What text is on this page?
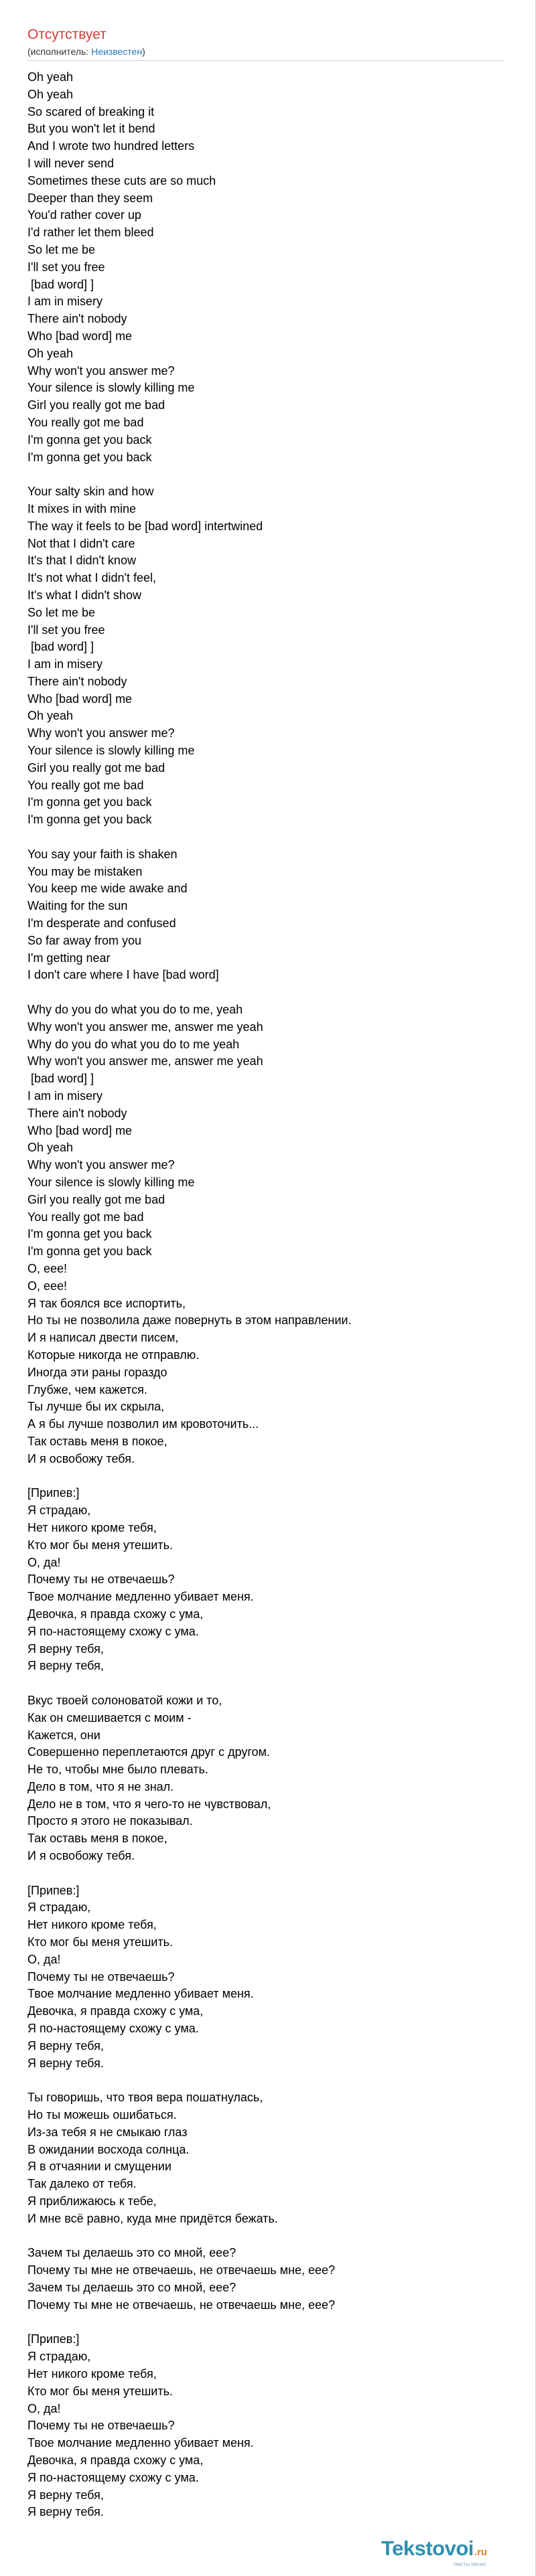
Отсутствует
(исполнитель: Неизвестен)
Oh yeah
Oh yeah
So scared of breaking it
But you won't let it bend
And I wrote two hundred letters
I will never send
Sometimes these cuts are so much
Deeper than they seem
You'd rather cover up
I'd rather let them bleed
So let me be
I'll set you free
[bad word] ]
I am in misery
There ain't nobody
Who [bad word] me
Oh yeah
Why won't you answer me?
Your silence is slowly killing me
Girl you really got me bad
You really got me bad
I'm gonna get you back
I'm gonna get you back
Your salty skin and how
It mixes in with mine
The way it feels to be [bad word] intertwined
Not that I didn't care
It's that I didn't know
It's not what I didn't feel,
It's what I didn't show
So let me be
I'll set you free
[bad word] ]
I am in misery
There ain't nobody
Who [bad word] me
Oh yeah
Why won't you answer me?
Your silence is slowly killing me
Girl you really got me bad
You really got me bad
I'm gonna get you back
I'm gonna get you back
You say your faith is shaken
You may be mistaken
You keep me wide awake and
Waiting for the sun
I'm desperate and confused
So far away from you
I'm getting near
I don't care where I have [bad word]
Why do you do what you do to me, yeah
Why won't you answer me, answer me yeah
Why do you do what you do to me yeah
Why won't you answer me, answer me yeah
[bad word] ]
I am in misery
There ain't nobody
Who [bad word] me
Oh yeah
Why won't you answer me?
Your silence is slowly killing me
Girl you really got me bad
You really got me bad
I'm gonna get you back
I'm gonna get you back
О, еее!
О, еее!
Я так боялся все испортить,
Но ты не позволила даже повернуть в этом направлении.
И я написал двести писем,
Которые никогда не отправлю.
Иногда эти раны гораздо
Глубже, чем кажется.
Ты лучше бы их скрыла,
А я бы лучше позволил им кровоточить...
Так оставь меня в покое,
И я освобожу тебя.
[Припев:]
Я страдаю,
Нет никого кроме тебя,
Кто мог бы меня утешить.
О, да!
Почему ты не отвечаешь?
Твое молчание медленно убивает меня.
Девочка, я правда схожу с ума,
Я по-настоящему схожу с ума.
Я верну тебя,
Я верну тебя,
Вкус твоей солоноватой кожи и то,
Как он смешивается с моим -
Кажется, они
Совершенно переплетаются друг с другом.
Не то, чтобы мне было плевать.
Дело в том, что я не знал.
Дело не в том, что я чего-то не чувствовал,
Просто я этого не показывал.
Так оставь меня в покое,
И я освобожу тебя.
[Припев:]
Я страдаю,
Нет никого кроме тебя,
Кто мог бы меня утешить.
О, да!
Почему ты не отвечаешь?
Твое молчание медленно убивает меня.
Девочка, я правда схожу с ума,
Я по-настоящему схожу с ума.
Я верну тебя,
Я верну тебя.
Ты говоришь, что твоя вера пошатнулась,
Но ты можешь ошибаться.
Из-за тебя я не смыкаю глаз
В ожидании восхода солнца.
Я в отчаянии и смущении
Так далеко от тебя.
Я приближаюсь к тебе,
И мне всё равно, куда мне придётся бежать.
Зачем ты делаешь это со мной, еее?
Почему ты мне не отвечаешь, не отвечаешь мне, еее?
Зачем ты делаешь это со мной, еее?
Почему ты мне не отвечаешь, не отвечаешь мне, еее?
[Припев:]
Я страдаю,
Нет никого кроме тебя,
Кто мог бы меня утешить.
О, да!
Почему ты не отвечаешь?
Твое молчание медленно убивает меня.
Девочка, я правда схожу с ума,
Я по-настоящему схожу с ума.
Я верну тебя,
Я верну тебя.
Tekstovoi.ru
тексты песен
